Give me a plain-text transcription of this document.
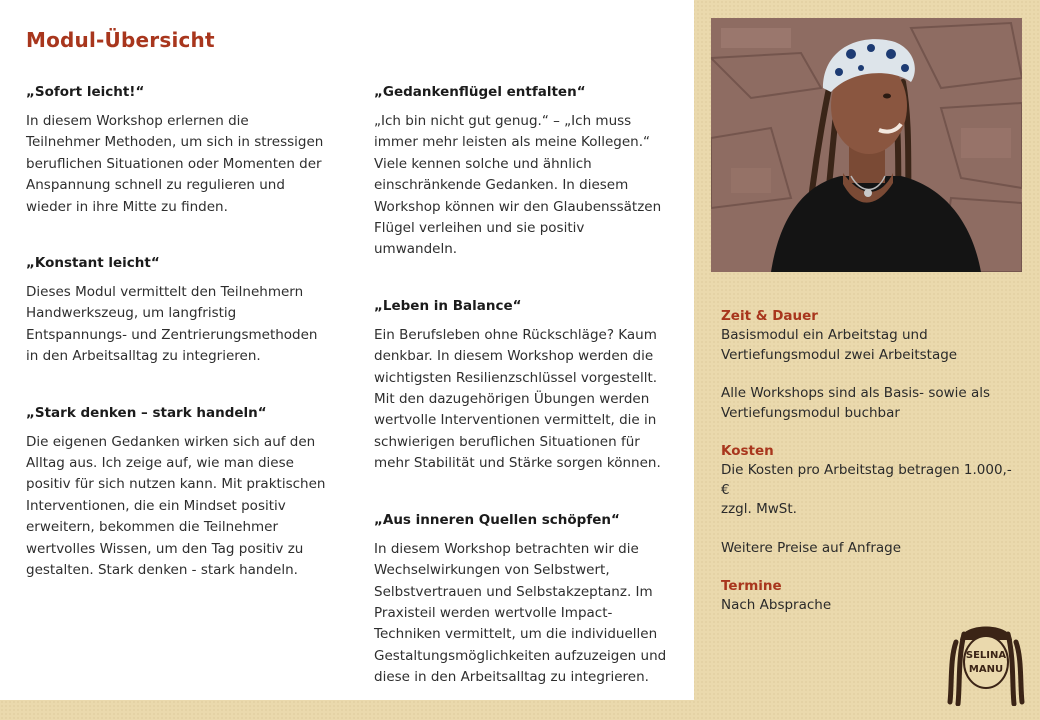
Modul-Übersicht
„Sofort leicht!“

In diesem Workshop erlernen die Teilnehmer Methoden, um sich in stressigen beruflichen Situationen oder Momenten der Anspannung schnell zu regulieren und wieder in ihre Mitte zu finden.

„Konstant leicht“

Dieses Modul vermittelt den Teilnehmern Handwerkszeug, um langfristig Entspannungs- und Zentrierungsmethoden in den Arbeitsalltag zu integrieren.

„Stark denken – stark handeln“

Die eigenen Gedanken wirken sich auf den Alltag aus. Ich zeige auf, wie man diese positiv für sich nutzen kann. Mit praktischen Interventionen, die ein Mindset positiv erweitern, bekommen die Teilnehmer wertvolles Wissen, um den Tag positiv zu gestalten. Stark denken - stark handeln.

„Gedankenflügel entfalten“

„Ich bin nicht gut genug.“ – „Ich muss immer mehr leisten als meine Kollegen.“ Viele kennen solche und ähnlich einschränkende Gedanken. In diesem Workshop können wir den Glaubenssätzen Flügel verleihen und sie positiv umwandeln.

„Leben in Balance“

Ein Berufsleben ohne Rückschläge? Kaum denkbar. In diesem Workshop werden die wichtigsten Resilienzschlüssel vorgestellt. Mit den dazugehörigen Übungen werden wertvolle Interventionen vermittelt, die in schwierigen beruflichen Situationen für mehr Stabilität und Stärke sorgen können.

„Aus inneren Quellen schöpfen“

In diesem Workshop betrachten wir die Wechselwirkungen von Selbstwert, Selbstvertrauen und Selbstakzeptanz. Im Praxisteil werden wertvolle Impact-Techniken vermittelt, um die individuellen Gestaltungsmöglichkeiten aufzuzeigen und diese in den Arbeitsalltag zu integrieren.

Zeit & Dauer
Basismodul ein Arbeitstag und
Vertiefungsmodul zwei Arbeitstage
Alle Workshops sind als Basis- sowie als
Vertiefungsmodul buchbar
Kosten
Die Kosten pro Arbeitstag betragen 1.000,- €
zzgl. MwSt.
Weitere Preise auf Anfrage
Termine
Nach Absprache
SELINA
MANU
